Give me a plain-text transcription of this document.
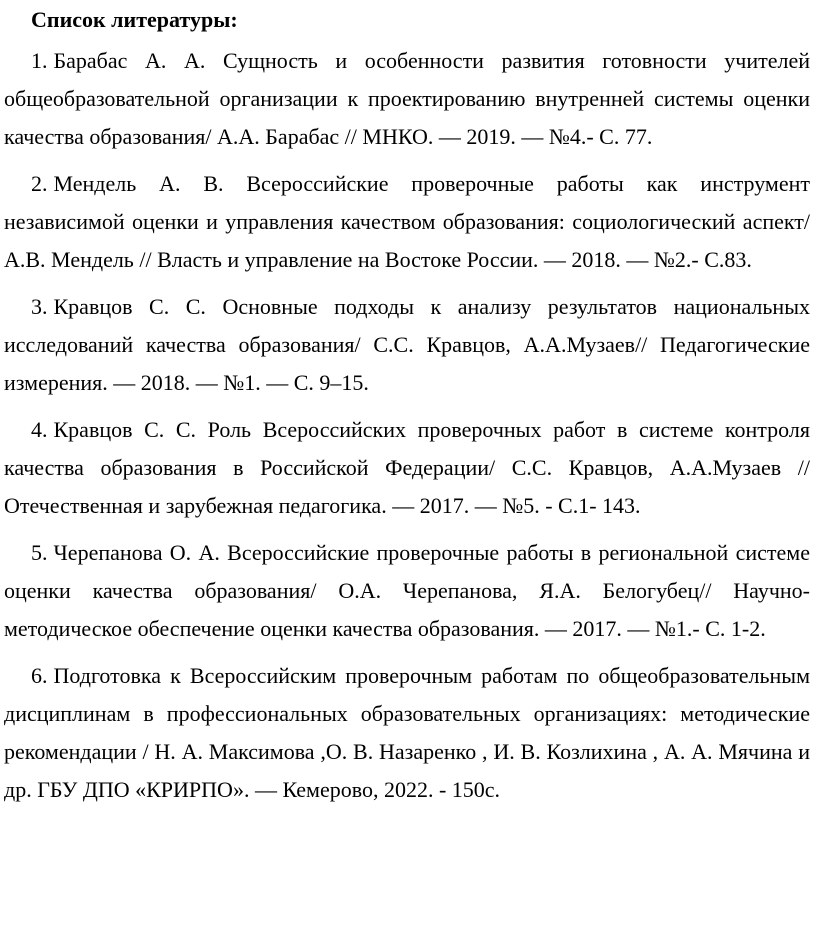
Список литературы:
1. Барабас А. А. Сущность и особенности развития готовности учителей общеобразовательной организации к проектированию внутренней системы оценки качества образования/ А.А. Барабас // МНКО. — 2019. — №4.- С. 77.
2. Мендель А. В. Всероссийские проверочные работы как инструмент независимой оценки и управления качеством образования: социологический аспект/ А.В. Мендель // Власть и управление на Востоке России. — 2018. — №2.- С.83.
3. Кравцов С. С. Основные подходы к анализу результатов национальных исследований качества образования/ С.С. Кравцов, А.А.Музаев// Педагогические измерения. — 2018. — №1. — С. 9–15.
4. Кравцов С. С. Роль Всероссийских проверочных работ в системе контроля качества образования в Российской Федерации/ С.С. Кравцов, А.А.Музаев // Отечественная и зарубежная педагогика. — 2017. — №5. - С.1- 143.
5. Черепанова О. А. Всероссийские проверочные работы в региональной системе оценки качества образования/ О.А. Черепанова, Я.А. Белогубец// Научно-методическое обеспечение оценки качества образования. — 2017. — №1.- С. 1-2.
6. Подготовка к Всероссийским проверочным работам по общеобразовательным дисциплинам в профессиональных образовательных организациях: методические рекомендации / Н. А. Максимова ,О. В. Назаренко , И. В. Козлихина , А. А. Мячина и др. ГБУ ДПО «КРИРПО». — Кемерово, 2022. - 150с.
